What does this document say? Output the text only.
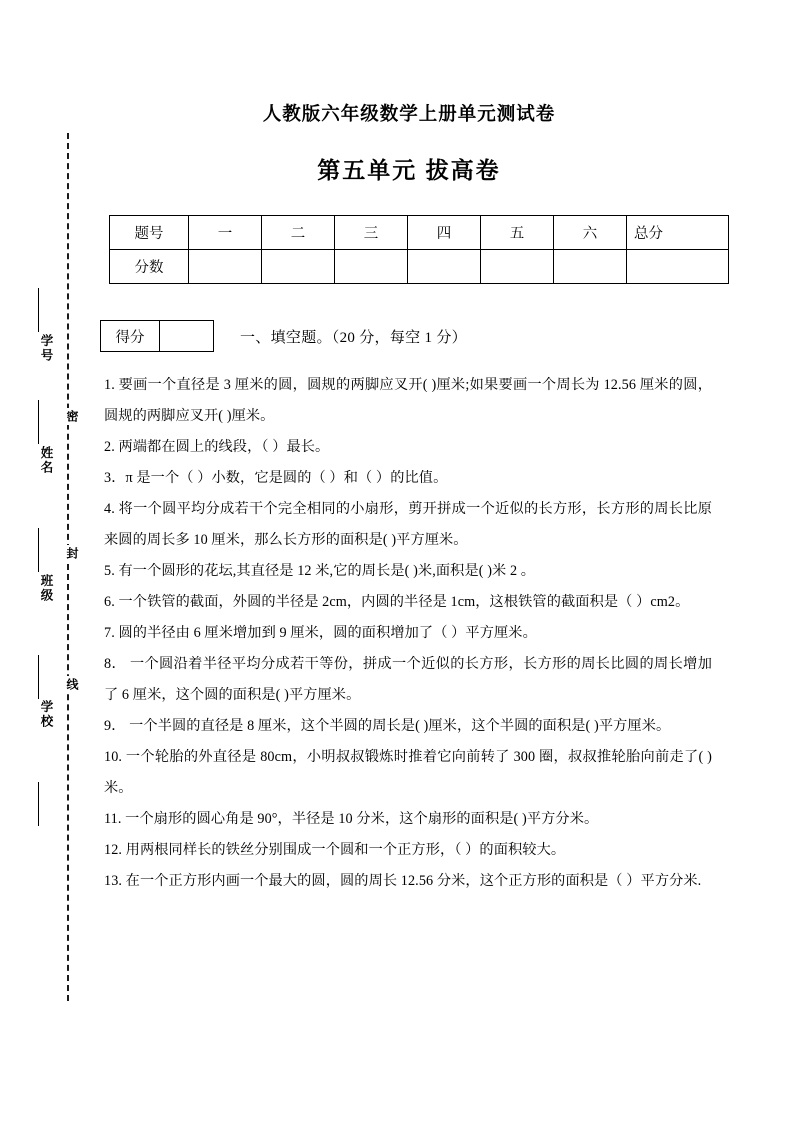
密
封
线
学号
姓名
班级
学校
人教版六年级数学上册单元测试卷
第五单元 拔高卷
题号	一	二	三	四	五	六	总分
分数							
得分	一、填空题。（20 分，每空 1 分）
1. 要画一个直径是 3 厘米的圆，圆规的两脚应叉开( )厘米;如果要画一个周长为 12.56 厘米的圆，圆规的两脚应叉开( )厘米。
2. 两端都在圆上的线段，（ ）最长。
3．π 是一个（ ）小数，它是圆的（ ）和（ ）的比值。
4. 将一个圆平均分成若干个完全相同的小扇形，剪开拼成一个近似的长方形，长方形的周长比原来圆的周长多 10 厘米，那么长方形的面积是( )平方厘米。
5. 有一个圆形的花坛,其直径是 12 米,它的周长是( )米,面积是( )米 2 。
6. 一个铁管的截面，外圆的半径是 2cm，内圆的半径是 1cm，这根铁管的截面积是（ ）cm2。
7. 圆的半径由 6 厘米增加到 9 厘米，圆的面积增加了（ ）平方厘米。
8． 一个圆沿着半径平均分成若干等份，拼成一个近似的长方形，长方形的周长比圆的周长增加了 6 厘米，这个圆的面积是( )平方厘米。
9． 一个半圆的直径是 8 厘米，这个半圆的周长是( )厘米，这个半圆的面积是( )平方厘米。
10. 一个轮胎的外直径是 80cm，小明叔叔锻炼时推着它向前转了 300 圈，叔叔推轮胎向前走了( )米。
11. 一个扇形的圆心角是 90°，半径是 10 分米，这个扇形的面积是( )平方分米。
12. 用两根同样长的铁丝分别围成一个圆和一个正方形，（ ）的面积较大。
13. 在一个正方形内画一个最大的圆，圆的周长 12.56 分米，这个正方形的面积是（ ）平方分米.
